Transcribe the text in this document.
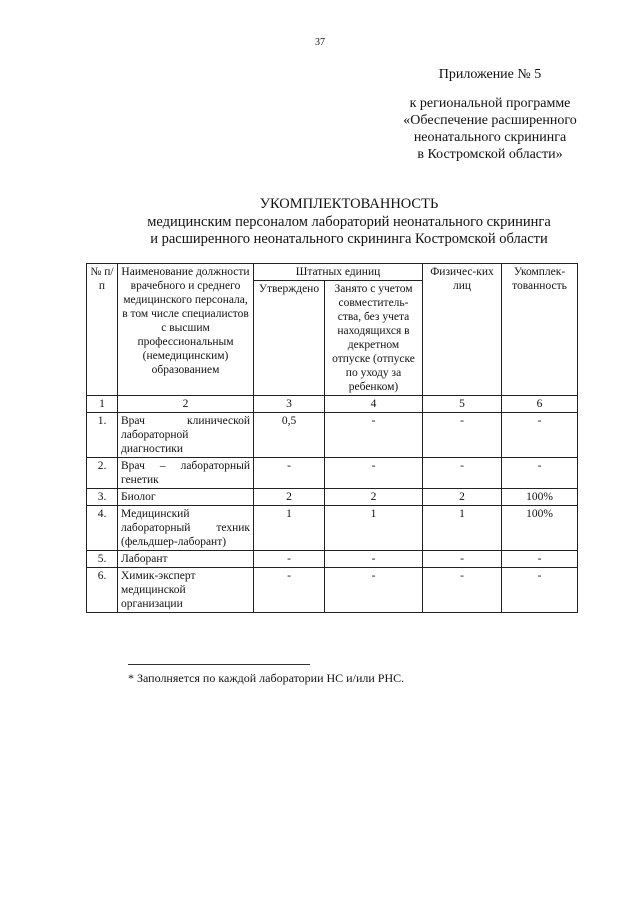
37
Приложение № 5
к региональной программе
«Обеспечение расширенного
неонатального скрининга
в Костромской области»
УКОМПЛЕКТОВАННОСТЬ
медицинским персоналом лабораторий неонатального скрининга
и расширенного неонатального скрининга Костромской области
№ п/п	Наименование должности врачебного и среднего медицинского персонала, в том числе специалистов с высшим профессиональным (немедицинским) образованием	Штатных единиц		Физичес-ких лиц	Укомплек-тованность
		Утверждено	Занято с учетом совместитель-ства, без учета находящихся в декретном отпуске (отпуске по уходу за ребенком)		
1	2	3	4	5	6
1.	Врач клинической лабораторной диагностики	0,5	-	-	-
2.	Врач – лабораторный генетик	-	-	-	-
3.	Биолог	2	2	2	100%
4.	Медицинский лабораторный техник (фельдшер-лаборант)	1	1	1	100%
5.	Лаборант	-	-	-	-
6.	Химик-эксперт медицинской организации	-	-	-	-
* Заполняется по каждой лаборатории НС и/или РНС.
